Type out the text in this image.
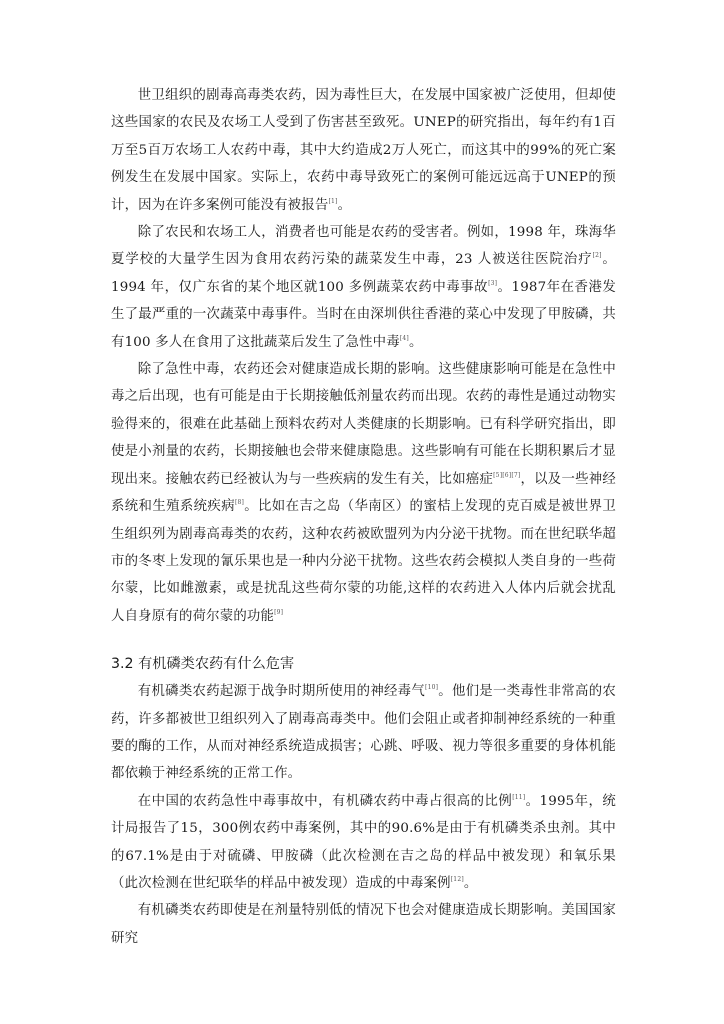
世卫组织的剧毒高毒类农药，因为毒性巨大，在发展中国家被广泛使用，但却使这些国家的农民及农场工人受到了伤害甚至致死。UNEP的研究指出，每年约有1百万至5百万农场工人农药中毒，其中大约造成2万人死亡，而这其中的99%的死亡案例发生在发展中国家。实际上，农药中毒导致死亡的案例可能远远高于UNEP的预计，因为在许多案例可能没有被报告[1]。

除了农民和农场工人，消费者也可能是农药的受害者。例如，1998 年，珠海华夏学校的大量学生因为食用农药污染的蔬菜发生中毒，23 人被送往医院治疗[2]。1994 年，仅广东省的某个地区就100 多例蔬菜农药中毒事故[3]。1987年在香港发生了最严重的一次蔬菜中毒事件。当时在由深圳供往香港的菜心中发现了甲胺磷，共有100 多人在食用了这批蔬菜后发生了急性中毒[4]。

除了急性中毒，农药还会对健康造成长期的影响。这些健康影响可能是在急性中毒之后出现，也有可能是由于长期接触低剂量农药而出现。农药的毒性是通过动物实验得来的，很难在此基础上预料农药对人类健康的长期影响。已有科学研究指出，即使是小剂量的农药，长期接触也会带来健康隐患。这些影响有可能在长期积累后才显现出来。接触农药已经被认为与一些疾病的发生有关，比如癌症[5][6][7]，以及一些神经系统和生殖系统疾病[8]。比如在吉之岛（华南区）的蜜桔上发现的克百威是被世界卫生组织列为剧毒高毒类的农药，这种农药被欧盟列为内分泌干扰物。而在世纪联华超市的冬枣上发现的氰乐果也是一种内分泌干扰物。这些农药会模拟人类自身的一些荷尔蒙，比如雌激素，或是扰乱这些荷尔蒙的功能,这样的农药进入人体内后就会扰乱人自身原有的荷尔蒙的功能[9]

3.2 有机磷类农药有什么危害

有机磷类农药起源于战争时期所使用的神经毒气[10]。他们是一类毒性非常高的农药，许多都被世卫组织列入了剧毒高毒类中。他们会阻止或者抑制神经系统的一种重要的酶的工作，从而对神经系统造成损害；心跳、呼吸、视力等很多重要的身体机能都依赖于神经系统的正常工作。

在中国的农药急性中毒事故中，有机磷农药中毒占很高的比例[11]。1995年，统计局报告了15，300例农药中毒案例，其中的90.6%是由于有机磷类杀虫剂。其中的67.1%是由于对硫磷、甲胺磷（此次检测在吉之岛的样品中被发现）和氧乐果（此次检测在世纪联华的样品中被发现）造成的中毒案例[12]。

有机磷类农药即使是在剂量特别低的情况下也会对健康造成长期影响。美国国家研究
